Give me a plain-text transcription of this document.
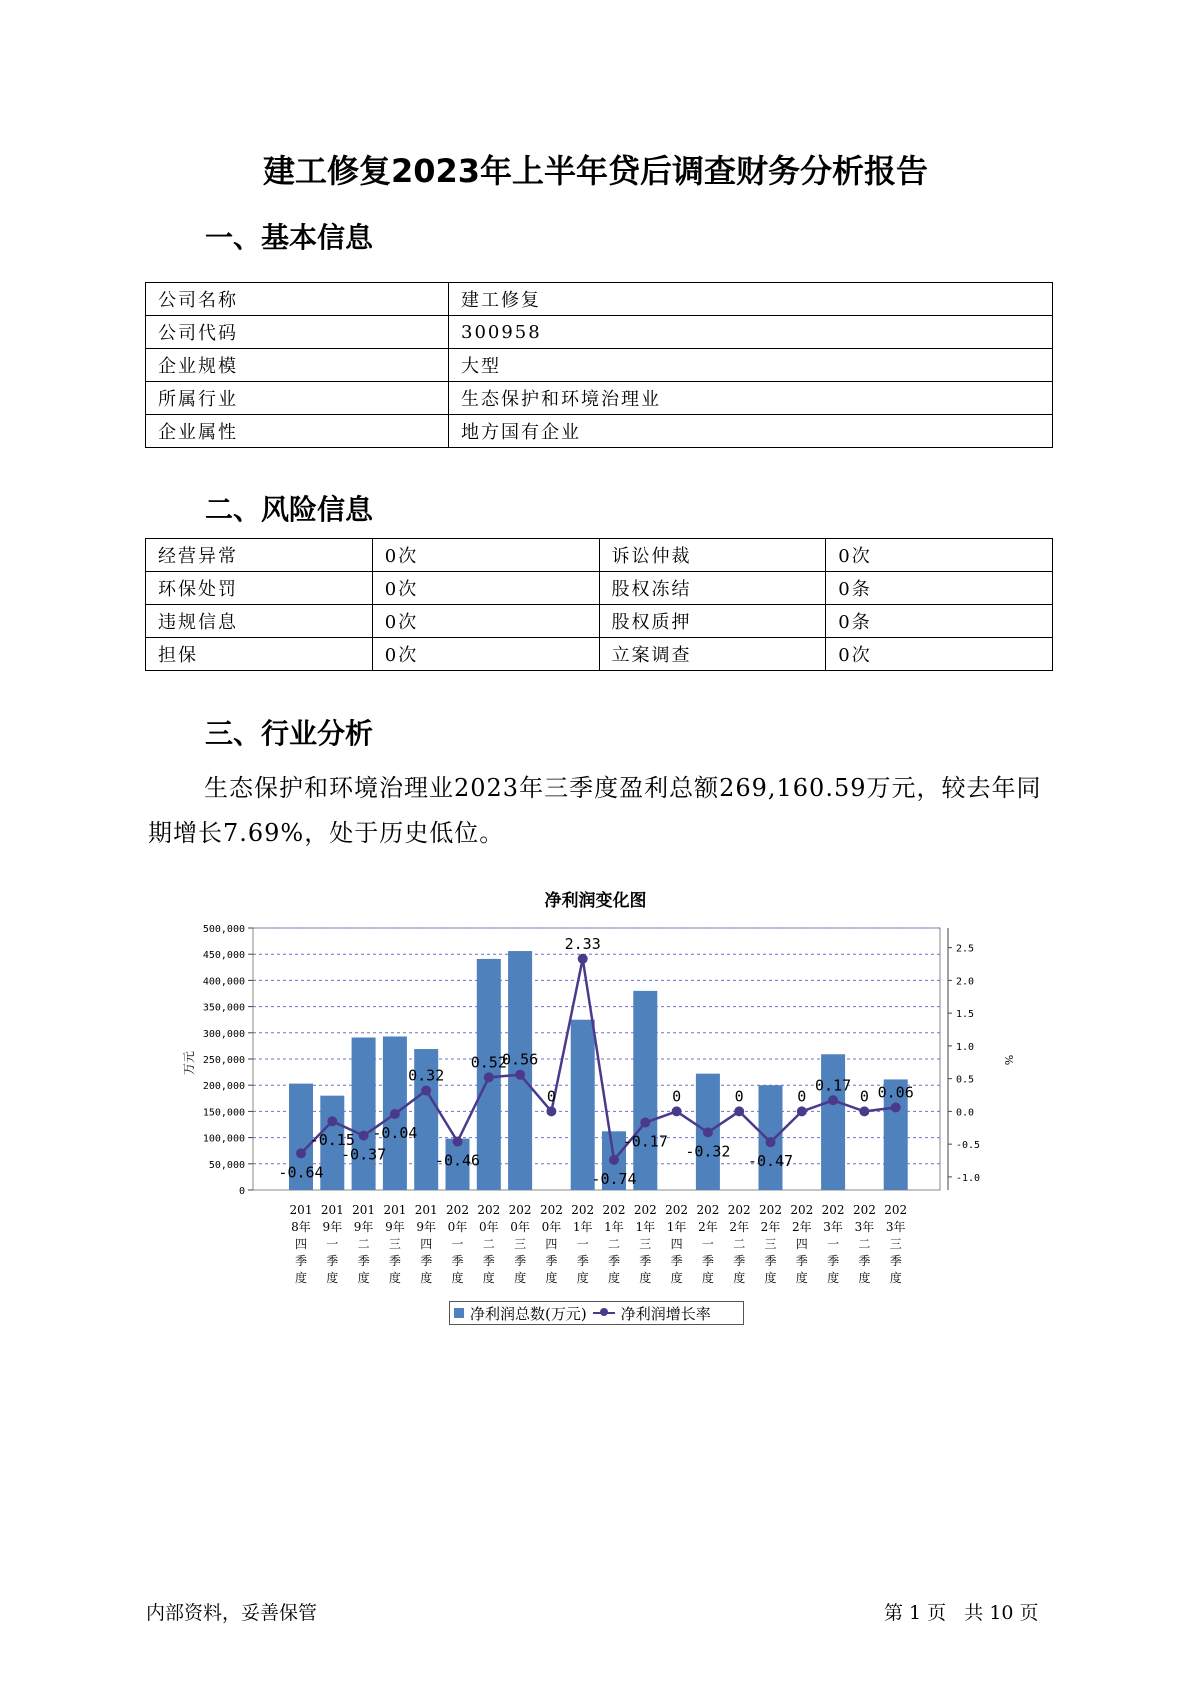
建工修复2023年上半年贷后调查财务分析报告
一、基本信息
公司名称	建工修复
公司代码	300958
企业规模	大型
所属行业	生态保护和环境治理业
企业属性	地方国有企业
二、风险信息
经营异常	0次	诉讼仲裁	0次
环保处罚	0次	股权冻结	0条
违规信息	0次	股权质押	0条
担保	0次	立案调查	0次
三、行业分析
生态保护和环境治理业2023年三季度盈利总额269,160.59万元，较去年同期增长7.69%，处于历史低位。
净利润变化图
0
50,000
100,000
150,000
200,000
250,000
300,000
350,000
400,000
450,000
500,000
-1.0
-0.5
0.0
0.5
1.0
1.5
2.0
2.5
万元	%
201
8年
四
季
度
201
9年
一
季
度
201
9年
二
季
度
201
9年
三
季
度
201
9年
四
季
度
202
0年
一
季
度
202
0年
二
季
度
202
0年
三
季
度
202
0年
四
季
度
202
1年
一
季
度
202
1年
二
季
度
202
1年
三
季
度
202
1年
四
季
度
202
2年
一
季
度
202
2年
二
季
度
202
2年
三
季
度
202
2年
四
季
度
202
3年
一
季
度
202
3年
二
季
度
202
3年
三
季
度
-0.64
-0.15
-0.37
-0.04
0.32
-0.46
0.52
0.56
0
2.33
-0.74
-0.17
0
-0.32
0
-0.47
0
0.17
0 0.06
净利润总数(万元) 净利润增长率
内部资料，妥善保管	第 1 页   共 10 页
